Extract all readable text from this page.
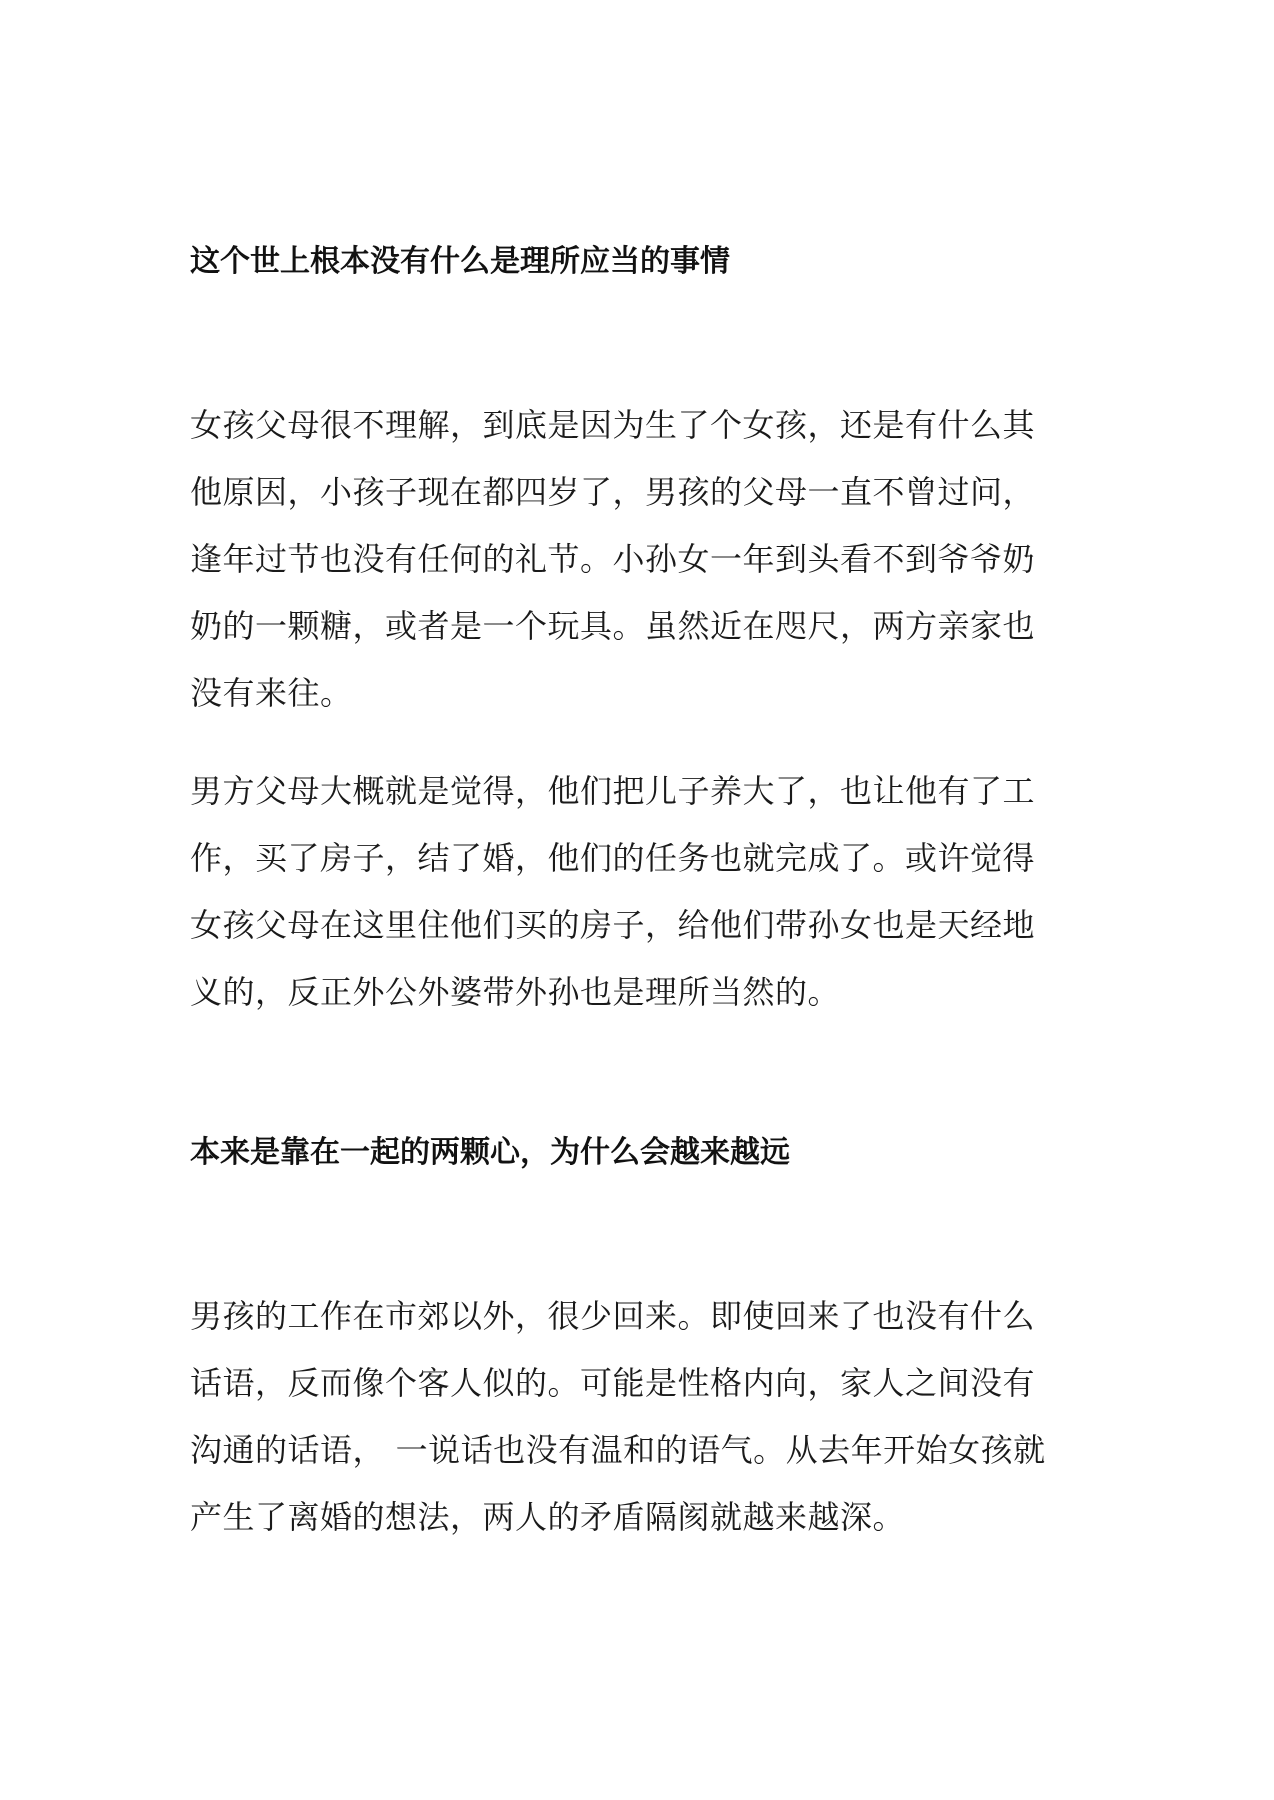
这个世上根本没有什么是理所应当的事情
女孩父母很不理解，到底是因为生了个女孩，还是有什么其
他原因，小孩子现在都四岁了，男孩的父母一直不曾过问，
逢年过节也没有任何的礼节。小孙女一年到头看不到爷爷奶
奶的一颗糖，或者是一个玩具。虽然近在咫尺，两方亲家也
没有来往。
男方父母大概就是觉得，他们把儿子养大了，也让他有了工
作，买了房子，结了婚，他们的任务也就完成了。或许觉得
女孩父母在这里住他们买的房子，给他们带孙女也是天经地
义的，反正外公外婆带外孙也是理所当然的。
本来是靠在一起的两颗心，为什么会越来越远
男孩的工作在市郊以外，很少回来。即使回来了也没有什么
话语，反而像个客人似的。可能是性格内向，家人之间没有
沟通的话语， 一说话也没有温和的语气。从去年开始女孩就
产生了离婚的想法，两人的矛盾隔阂就越来越深。
